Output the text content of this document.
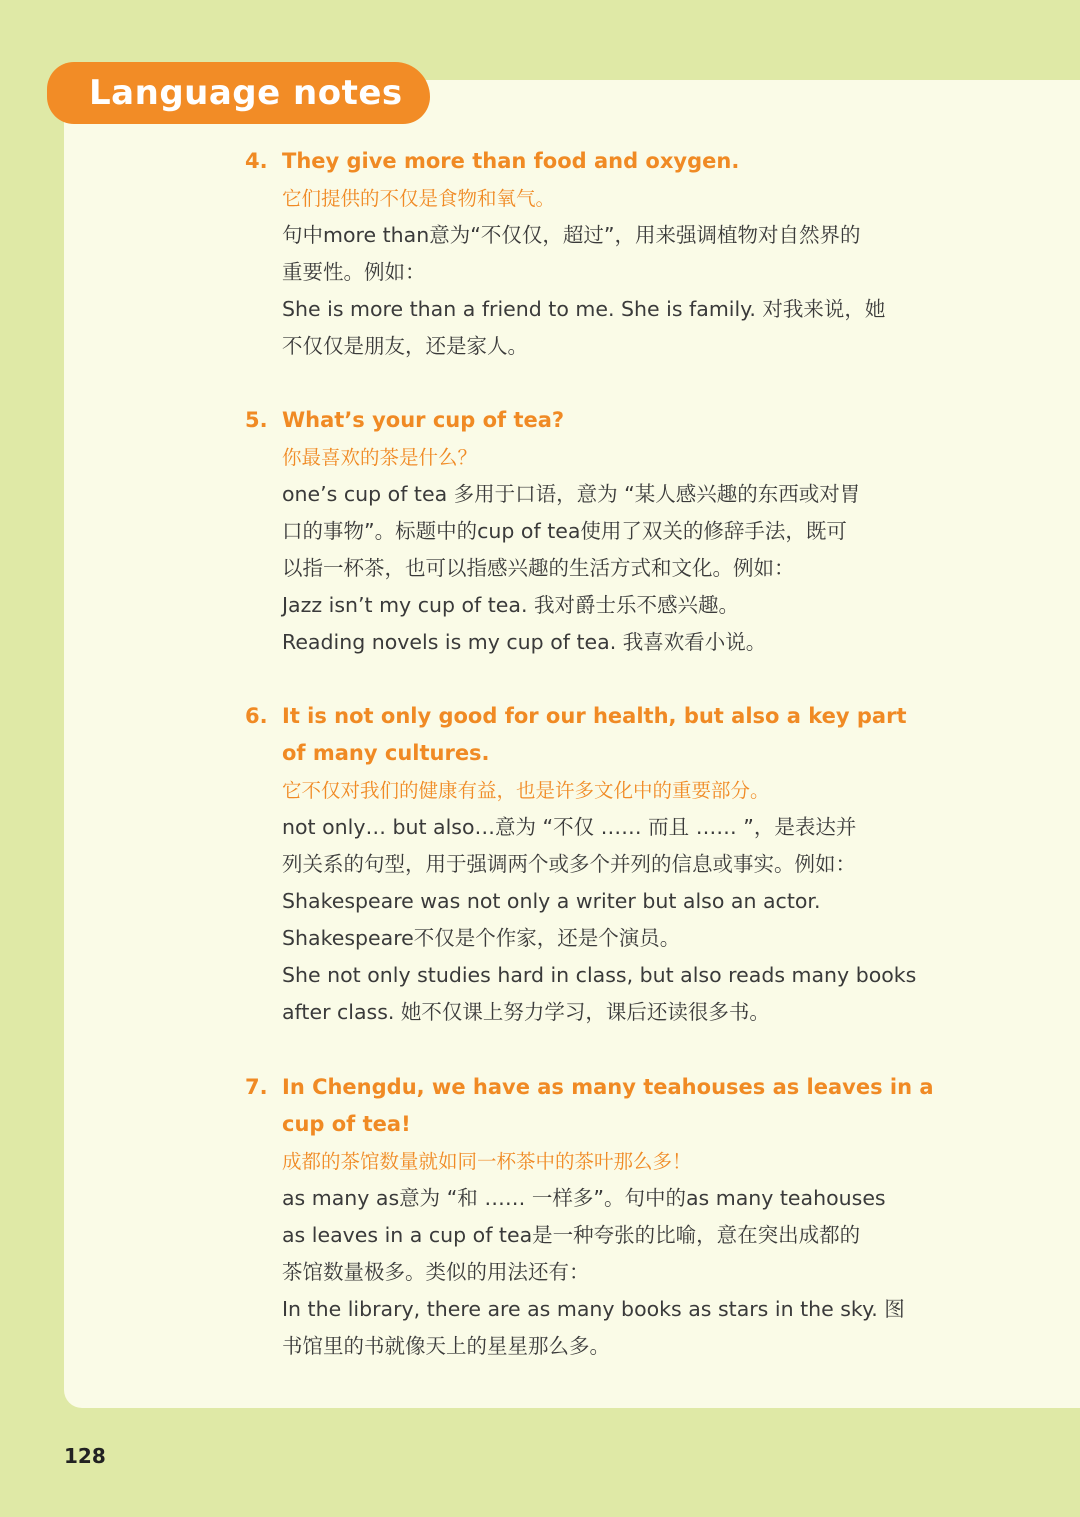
Language notes
4. They give more than food and oxygen.
它们提供的不仅是食物和氧气。
句中more than意为“不仅仅，超过”，用来强调植物对自然界的
重要性。例如：
She is more than a friend to me. She is family. 对我来说，她
不仅仅是朋友，还是家人。
5. What’s your cup of tea?
你最喜欢的茶是什么？
one’s cup of tea 多用于口语，意为 “某人感兴趣的东西或对胃
口的事物”。标题中的cup of tea使用了双关的修辞手法，既可
以指一杯茶，也可以指感兴趣的生活方式和文化。例如：
Jazz isn’t my cup of tea. 我对爵士乐不感兴趣。
Reading novels is my cup of tea. 我喜欢看小说。
6. It is not only good for our health, but also a key part
of many cultures.
它不仅对我们的健康有益，也是许多文化中的重要部分。
not only… but also…意为 “不仅 …… 而且 …… ”，是表达并
列关系的句型，用于强调两个或多个并列的信息或事实。例如：
Shakespeare was not only a writer but also an actor.
Shakespeare不仅是个作家，还是个演员。
She not only studies hard in class, but also reads many books
after class. 她不仅课上努力学习，课后还读很多书。
7. In Chengdu, we have as many teahouses as leaves in a
cup of tea!
成都的茶馆数量就如同一杯茶中的茶叶那么多！
as many as意为 “和 …… 一样多”。句中的as many teahouses
as leaves in a cup of tea是一种夸张的比喻，意在突出成都的
茶馆数量极多。类似的用法还有：
In the library, there are as many books as stars in the sky. 图
书馆里的书就像天上的星星那么多。
128
